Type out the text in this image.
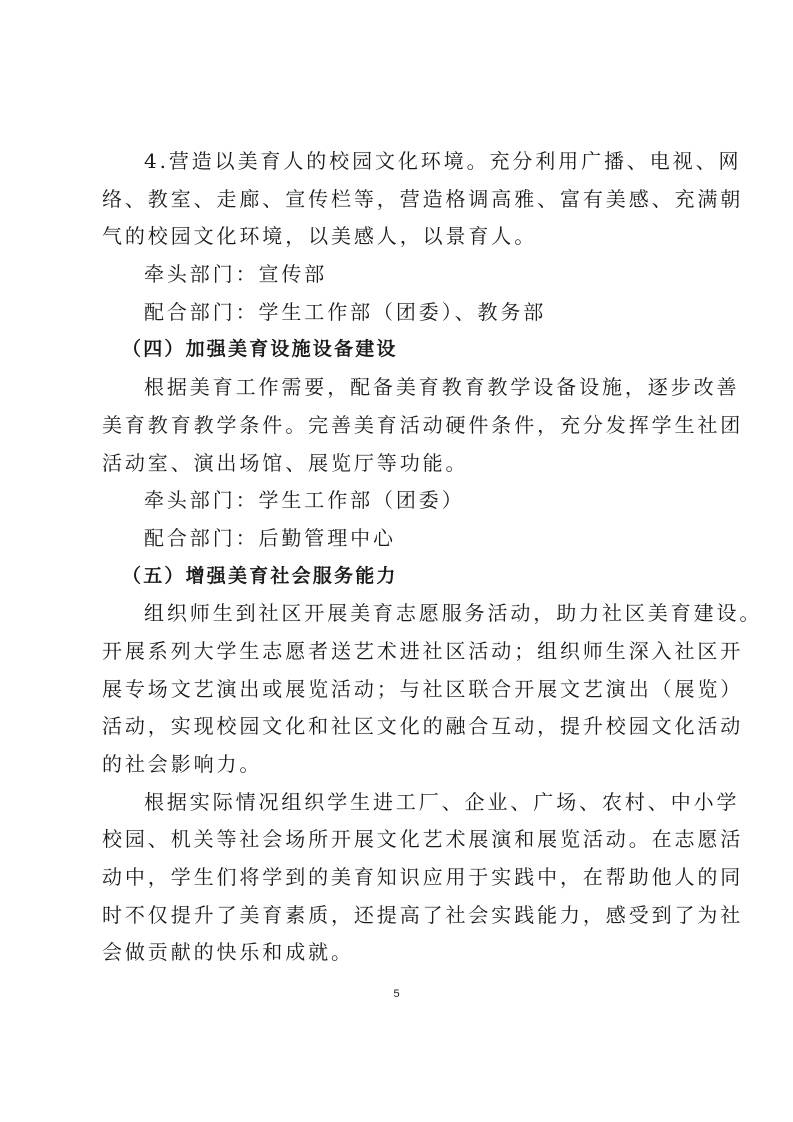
4.营造以美育人的校园文化环境。充分利用广播、电视、网
络、教室、走廊、宣传栏等，营造格调高雅、富有美感、充满朝
气的校园文化环境，以美感人，以景育人。
牵头部门：宣传部
配合部门：学生工作部（团委）、教务部
（四）加强美育设施设备建设
根据美育工作需要，配备美育教育教学设备设施，逐步改善
美育教育教学条件。完善美育活动硬件条件，充分发挥学生社团
活动室、演出场馆、展览厅等功能。
牵头部门：学生工作部（团委）
配合部门：后勤管理中心
（五）增强美育社会服务能力
组织师生到社区开展美育志愿服务活动，助力社区美育建设。
开展系列大学生志愿者送艺术进社区活动；组织师生深入社区开
展专场文艺演出或展览活动；与社区联合开展文艺演出（展览）
活动，实现校园文化和社区文化的融合互动，提升校园文化活动
的社会影响力。
根据实际情况组织学生进工厂、企业、广场、农村、中小学
校园、机关等社会场所开展文化艺术展演和展览活动。在志愿活
动中，学生们将学到的美育知识应用于实践中，在帮助他人的同
时不仅提升了美育素质，还提高了社会实践能力，感受到了为社
会做贡献的快乐和成就。
5
